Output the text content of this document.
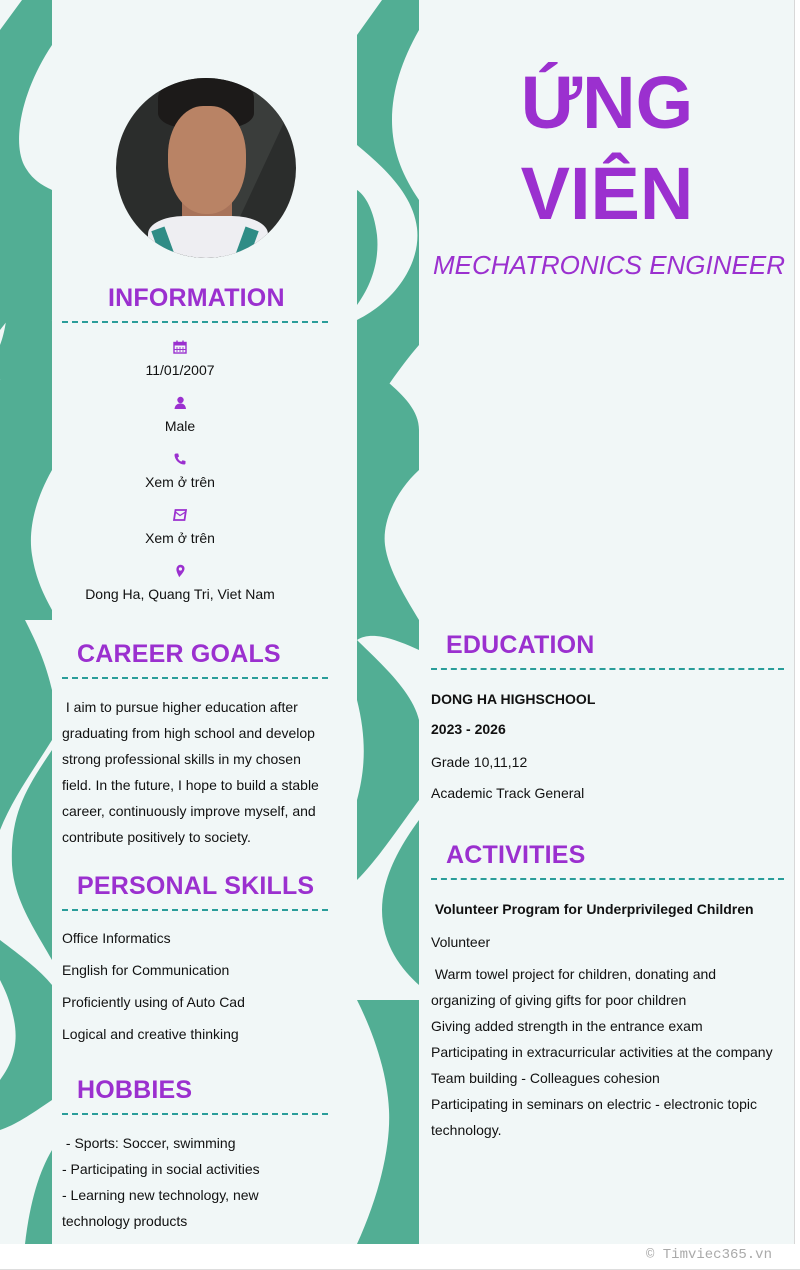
INFORMATION
11/01/2007
Male
Xem ở trên
Xem ở trên
Dong Ha, Quang Tri, Viet Nam
CAREER GOALS
I aim to pursue higher education after
graduating from high school and develop
strong professional skills in my chosen
field. In the future, I hope to build a stable
career, continuously improve myself, and
contribute positively to society.
PERSONAL SKILLS
Office Informatics
English for Communication
Proficiently using of Auto Cad
Logical and creative thinking
HOBBIES
- Sports: Soccer, swimming
- Participating in social activities
- Learning new technology, new
technology products
ỨNG
VIÊN
MECHATRONICS ENGINEER
EDUCATION
DONG HA HIGHSCHOOL
2023 - 2026
Grade 10,11,12
Academic Track General
ACTIVITIES
Volunteer Program for Underprivileged Children
Volunteer
Warm towel project for children, donating and
organizing of giving gifts for poor children
Giving added strength in the entrance exam
Participating in extracurricular activities at the company
Team building - Colleagues cohesion
Participating in seminars on electric - electronic topic
technology.
© Timviec365.vn
